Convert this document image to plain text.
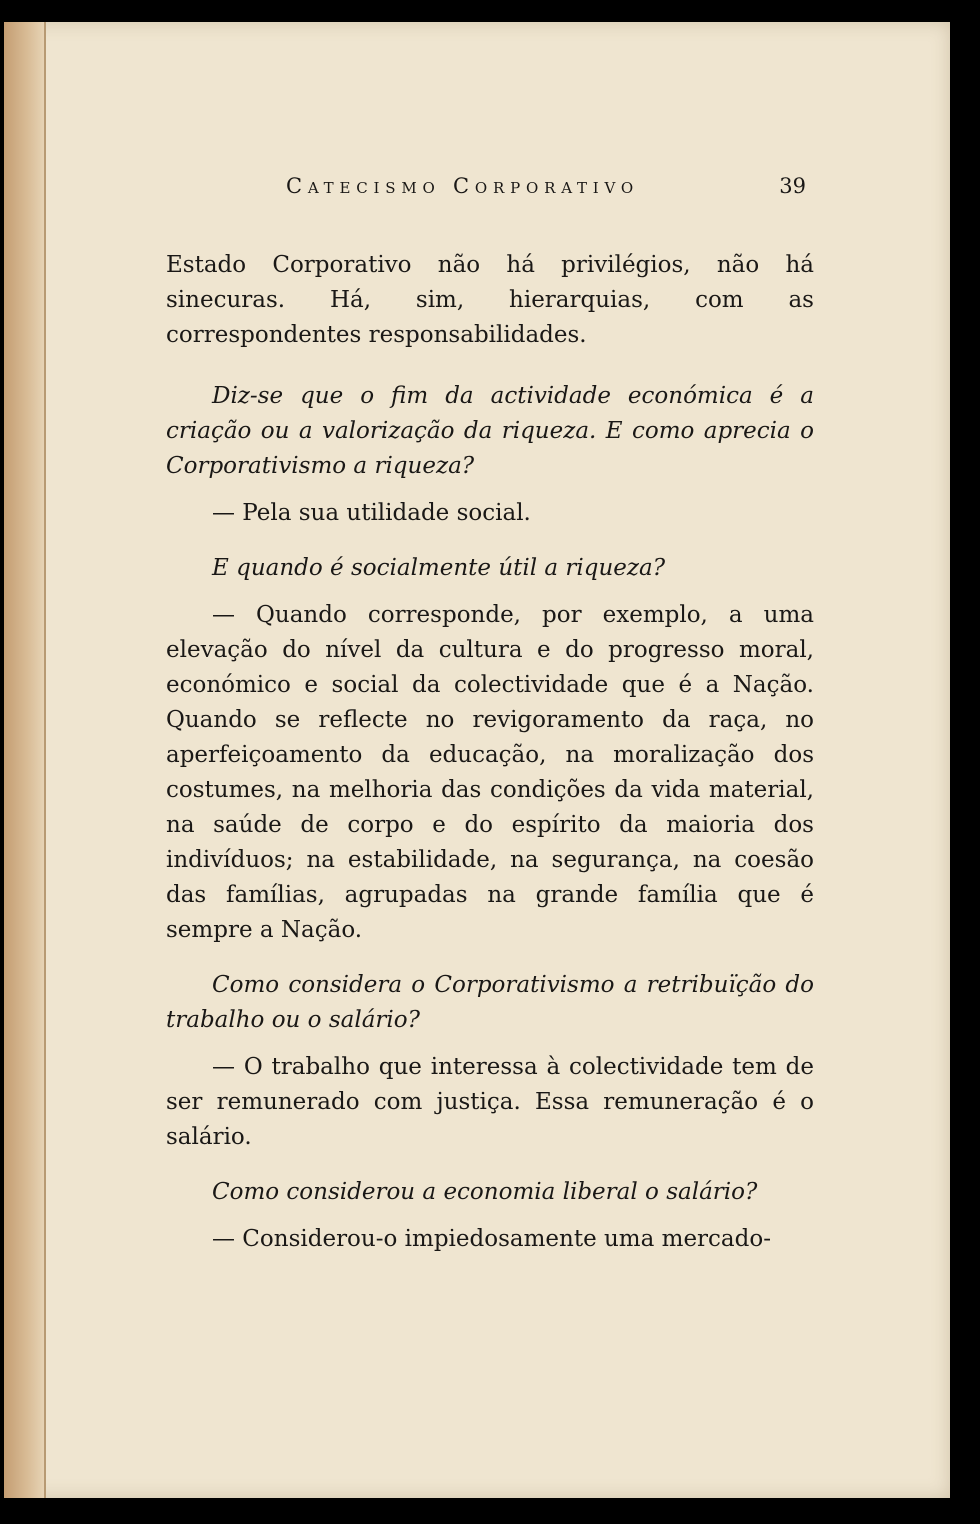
Catecismo Corporativo	39

Estado Corporativo não há privilégios, não há sinecuras. Há, sim, hierarquias, com as correspondentes responsabilidades.

Diz-se que o fim da actividade económica é a criação ou a valorização da riqueza. E como aprecia o Corporativismo a riqueza?

— Pela sua utilidade social.

E quando é socialmente útil a riqueza?

— Quando corresponde, por exemplo, a uma elevação do nível da cultura e do progresso moral, económico e social da colectividade que é a Nação. Quando se reflecte no revigoramento da raça, no aperfeiçoamento da educação, na moralização dos costumes, na melhoria das condições da vida material, na saúde de corpo e do espírito da maioria dos indivíduos; na estabilidade, na segurança, na coesão das famílias, agrupadas na grande família que é sempre a Nação.

Como considera o Corporativismo a retribuïção do trabalho ou o salário?

— O trabalho que interessa à colectividade tem de ser remunerado com justiça. Essa remuneração é o salário.

Como considerou a economia liberal o salário?

— Considerou-o impiedosamente uma mercado-
